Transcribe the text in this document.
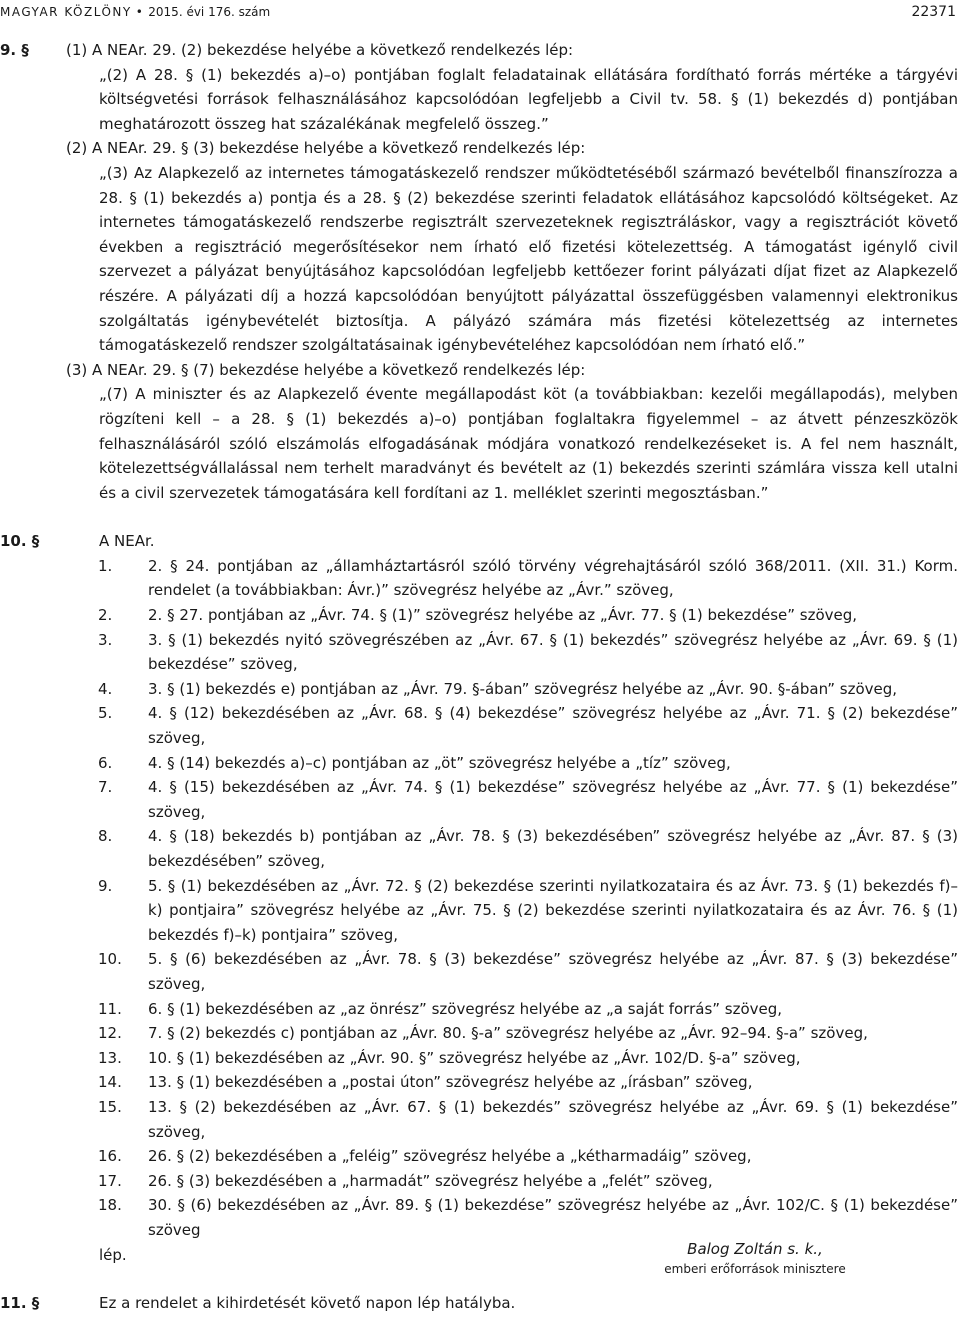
MAGYAR KÖZLÖNY • 2015. évi 176. szám	22371
9. §	(1) A NEAr. 29. (2) bekezdése helyébe a következő rendelkezés lép:
„(2) A 28. § (1) bekezdés a)–o) pontjában foglalt feladatainak ellátására fordítható forrás mértéke a tárgyévi költségvetési források felhasználásához kapcsolódóan legfeljebb a Civil tv. 58. § (1) bekezdés d) pontjában meghatározott összeg hat százalékának megfelelő összeg.”
(2) A NEAr. 29. § (3) bekezdése helyébe a következő rendelkezés lép:
„(3) Az Alapkezelő az internetes támogatáskezelő rendszer működtetéséből származó bevételből finanszírozza a 28. § (1) bekezdés a) pontja és a 28. § (2) bekezdése szerinti feladatok ellátásához kapcsolódó költségeket. Az internetes támogatáskezelő rendszerbe regisztrált szervezeteknek regisztráláskor, vagy a regisztrációt követő években a regisztráció megerősítésekor nem írható elő fizetési kötelezettség. A támogatást igénylő civil szervezet a pályázat benyújtásához kapcsolódóan legfeljebb kettőezer forint pályázati díjat fizet az Alapkezelő részére. A pályázati díj a hozzá kapcsolódóan benyújtott pályázattal összefüggésben valamennyi elektronikus szolgáltatás igénybevételét biztosítja. A pályázó számára más fizetési kötelezettség az internetes támogatáskezelő rendszer szolgáltatásainak igénybevételéhez kapcsolódóan nem írható elő.”
(3) A NEAr. 29. § (7) bekezdése helyébe a következő rendelkezés lép:
„(7) A miniszter és az Alapkezelő évente megállapodást köt (a továbbiakban: kezelői megállapodás), melyben rögzíteni kell – a 28. § (1) bekezdés a)–o) pontjában foglaltakra figyelemmel – az átvett pénzeszközök felhasználásáról szóló elszámolás elfogadásának módjára vonatkozó rendelkezéseket is. A fel nem használt, kötelezettségvállalással nem terhelt maradványt és bevételt az (1) bekezdés szerinti számlára vissza kell utalni és a civil szervezetek támogatására kell fordítani az 1. melléklet szerinti megosztásban.”
10. §	A NEAr.
1. 2. § 24. pontjában az „államháztartásról szóló törvény végrehajtásáról szóló 368/2011. (XII. 31.) Korm. rendelet (a továbbiakban: Ávr.)” szövegrész helyébe az „Ávr.” szöveg,
2. 2. § 27. pontjában az „Ávr. 74. § (1)” szövegrész helyébe az „Ávr. 77. § (1) bekezdése” szöveg,
3. 3. § (1) bekezdés nyitó szövegrészében az „Ávr. 67. § (1) bekezdés” szövegrész helyébe az „Ávr. 69. § (1) bekezdése” szöveg,
4. 3. § (1) bekezdés e) pontjában az „Ávr. 79. §-ában” szövegrész helyébe az „Ávr. 90. §-ában” szöveg,
5. 4. § (12) bekezdésében az „Ávr. 68. § (4) bekezdése” szövegrész helyébe az „Ávr. 71. § (2) bekezdése” szöveg,
6. 4. § (14) bekezdés a)–c) pontjában az „öt” szövegrész helyébe a „tíz” szöveg,
7. 4. § (15) bekezdésében az „Ávr. 74. § (1) bekezdése” szövegrész helyébe az „Ávr. 77. § (1) bekezdése” szöveg,
8. 4. § (18) bekezdés b) pontjában az „Ávr. 78. § (3) bekezdésében” szövegrész helyébe az „Ávr. 87. § (3) bekezdésében” szöveg,
9. 5. § (1) bekezdésében az „Ávr. 72. § (2) bekezdése szerinti nyilatkozataira és az Ávr. 73. § (1) bekezdés f)–k) pontjaira” szövegrész helyébe az „Ávr. 75. § (2) bekezdése szerinti nyilatkozataira és az Ávr. 76. § (1) bekezdés f)–k) pontjaira” szöveg,
10. 5. § (6) bekezdésében az „Ávr. 78. § (3) bekezdése” szövegrész helyébe az „Ávr. 87. § (3) bekezdése” szöveg,
11. 6. § (1) bekezdésében az „az önrész” szövegrész helyébe az „a saját forrás” szöveg,
12. 7. § (2) bekezdés c) pontjában az „Ávr. 80. §-a” szövegrész helyébe az „Ávr. 92–94. §-a” szöveg,
13. 10. § (1) bekezdésében az „Ávr. 90. §” szövegrész helyébe az „Ávr. 102/D. §-a” szöveg,
14. 13. § (1) bekezdésében a „postai úton” szövegrész helyébe az „írásban” szöveg,
15. 13. § (2) bekezdésében az „Ávr. 67. § (1) bekezdés” szövegrész helyébe az „Ávr. 69. § (1) bekezdése” szöveg,
16. 26. § (2) bekezdésében a „feléig” szövegrész helyébe a „kétharmadáig” szöveg,
17. 26. § (3) bekezdésében a „harmadát” szövegrész helyébe a „felét” szöveg,
18. 30. § (6) bekezdésében az „Ávr. 89. § (1) bekezdése” szövegrész helyébe az „Ávr. 102/C. § (1) bekezdése” szöveg
lép.
11. §	Ez a rendelet a kihirdetését követő napon lép hatályba.
Balog Zoltán s. k.,
emberi erőforrások minisztere
